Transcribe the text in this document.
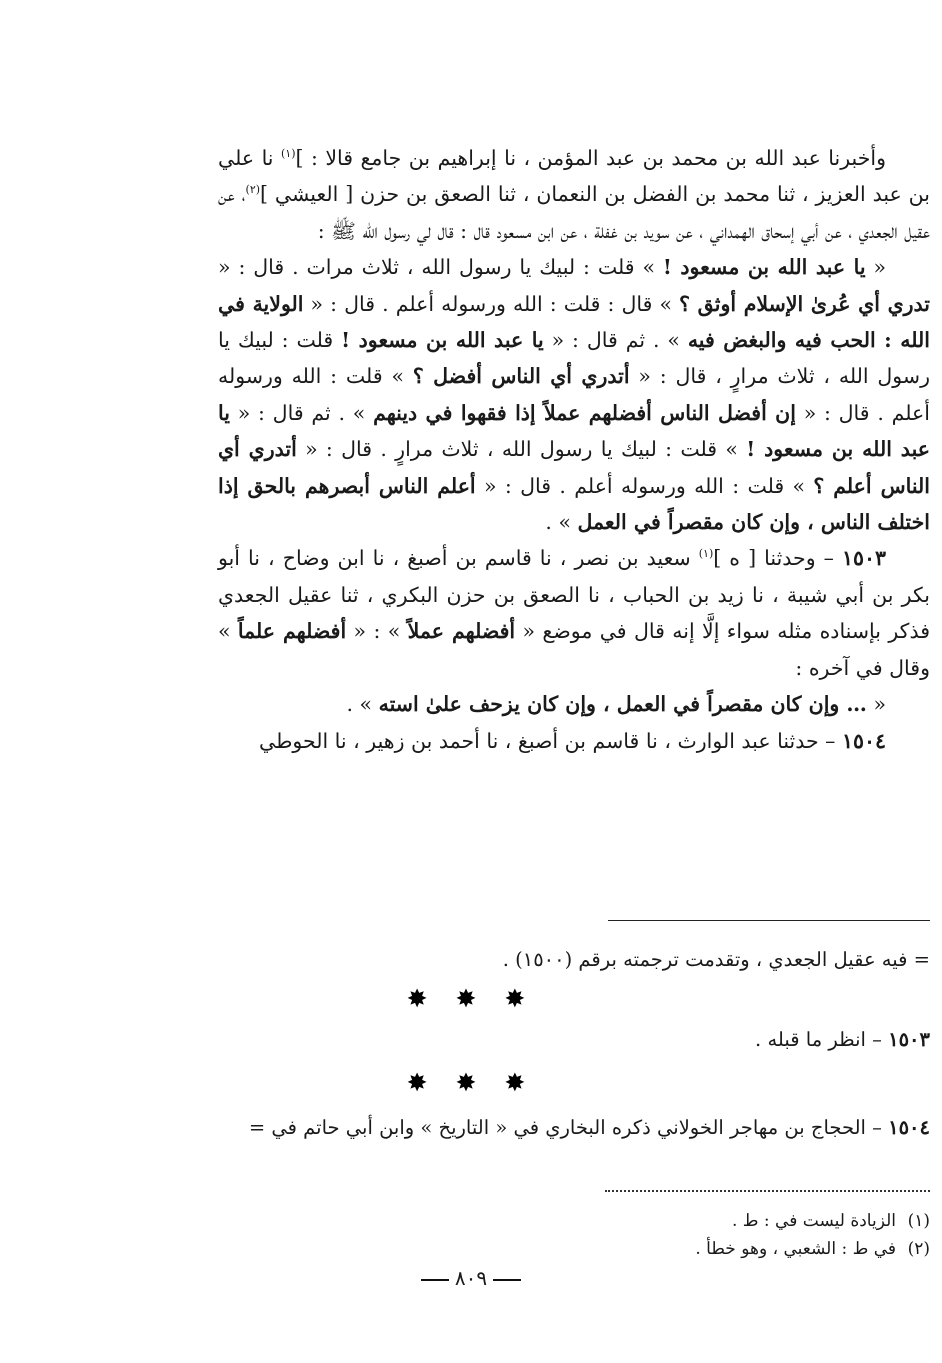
وأخبرنا عبد الله بن محمد بن عبد المؤمن ، نا إبراهيم بن جامع قالا : ]$^{(١)}$ نا علي بن عبد العزيز ، ثنا محمد بن الفضل بن النعمان ، ثنا الصعق بن حزن [ العيشي ]$^{(٢)}$، عن عقيل الجعدي ، عن أبي إسحاق الهمداني ، عن سويد بن غفلة ، عن ابن مسعود قال : قال لي رسول الله ﷺ :

« يا عبد الله بن مسعود ! » قلت : لبيك يا رسول الله ، ثلاث مرات . قال : « تدري أي عُرىٰ الإسلام أوثق ؟ » قال : قلت : الله ورسوله أعلم . قال : « الولاية في الله : الحب فيه والبغض فيه » . ثم قال : « يا عبد الله بن مسعود ! قلت : لبيك يا رسول الله ، ثلاث مرارٍ ، قال : « أتدري أي الناس أفضل ؟ » قلت : الله ورسوله أعلم . قال : « إن أفضل الناس أفضلهم عملاً إذا فقهوا في دينهم » . ثم قال : « يا عبد الله بن مسعود ! » قلت : لبيك يا رسول الله ، ثلاث مرارٍ . قال : « أتدري أي الناس أعلم ؟ » قلت : الله ورسوله أعلم . قال : « أعلم الناس أبصرهم بالحق إذا اختلف الناس ، وإن كان مقصراً في العمل » .

١٥٠٣ – وحدثنا [ ه ]$^{(١)}$ سعيد بن نصر ، نا قاسم بن أصبغ ، نا ابن وضاح ، نا أبو بكر بن أبي شيبة ، نا زيد بن الحباب ، نا الصعق بن حزن البكري ، ثنا عقيل الجعدي فذكر بإسناده مثله سواء إلَّا إنه قال في موضع « أفضلهم عملاً » : « أفضلهم علماً » وقال في آخره :

« … وإن كان مقصراً في العمل ، وإن كان يزحف علىٰ استه » .

١٥٠٤ – حدثنا عبد الوارث ، نا قاسم بن أصبغ ، نا أحمد بن زهير ، نا الحوطي

= فيه عقيل الجعدي ، وتقدمت ترجمته برقم (١٥٠٠) .

✸ ✸ ✸

١٥٠٣ – انظر ما قبله .

✸ ✸ ✸

١٥٠٤ – الحجاج بن مهاجر الخولاني ذكره البخاري في « التاريخ » وابن أبي حاتم في =

(١)الزيادة ليست في : ط .
(٢)في ط : الشعبي ، وهو خطأ .
٨٠٩
